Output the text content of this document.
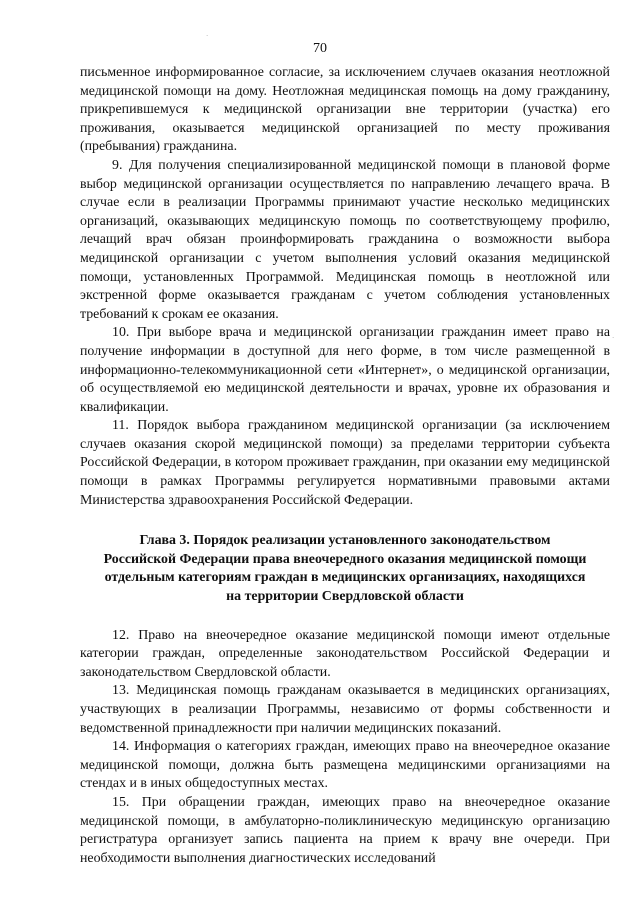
70

письменное информированное согласие, за исключением случаев оказания неотложной медицинской помощи на дому. Неотложная медицинская помощь на дому гражданину, прикрепившемуся к медицинской организации вне территории (участка) его проживания, оказывается медицинской организацией по месту проживания (пребывания) гражданина.

9. Для получения специализированной медицинской помощи в плановой форме выбор медицинской организации осуществляется по направлению лечащего врача. В случае если в реализации Программы принимают участие несколько медицинских организаций, оказывающих медицинскую помощь по соответствующему профилю, лечащий врач обязан проинформировать гражданина о возможности выбора медицинской организации с учетом выполнения условий оказания медицинской помощи, установленных Программой. Медицинская помощь в неотложной или экстренной форме оказывается гражданам с учетом соблюдения установленных требований к срокам ее оказания.

10. При выборе врача и медицинской организации гражданин имеет право на получение информации в доступной для него форме, в том числе размещенной в информационно-телекоммуникационной сети «Интернет», о медицинской организации, об осуществляемой ею медицинской деятельности и врачах, уровне их образования и квалификации.

11. Порядок выбора гражданином медицинской организации (за исключением случаев оказания скорой медицинской помощи) за пределами территории субъекта Российской Федерации, в котором проживает гражданин, при оказании ему медицинской помощи в рамках Программы регулируется нормативными правовыми актами Министерства здравоохранения Российской Федерации.

Глава 3. Порядок реализации установленного законодательством
Российской Федерации права внеочередного оказания медицинской помощи
отдельным категориям граждан в медицинских организациях, находящихся
на территории Свердловской области

12. Право на внеочередное оказание медицинской помощи имеют отдельные категории граждан, определенные законодательством Российской Федерации и законодательством Свердловской области.

13. Медицинская помощь гражданам оказывается в медицинских организациях, участвующих в реализации Программы, независимо от формы собственности и ведомственной принадлежности при наличии медицинских показаний.

14. Информация о категориях граждан, имеющих право на внеочередное оказание медицинской помощи, должна быть размещена медицинскими организациями на стендах и в иных общедоступных местах.

15. При обращении граждан, имеющих право на внеочередное оказание медицинской помощи, в амбулаторно-поликлиническую медицинскую организацию регистратура организует запись пациента на прием к врачу вне очереди. При необходимости выполнения диагностических исследований

ˑ
ˑ
